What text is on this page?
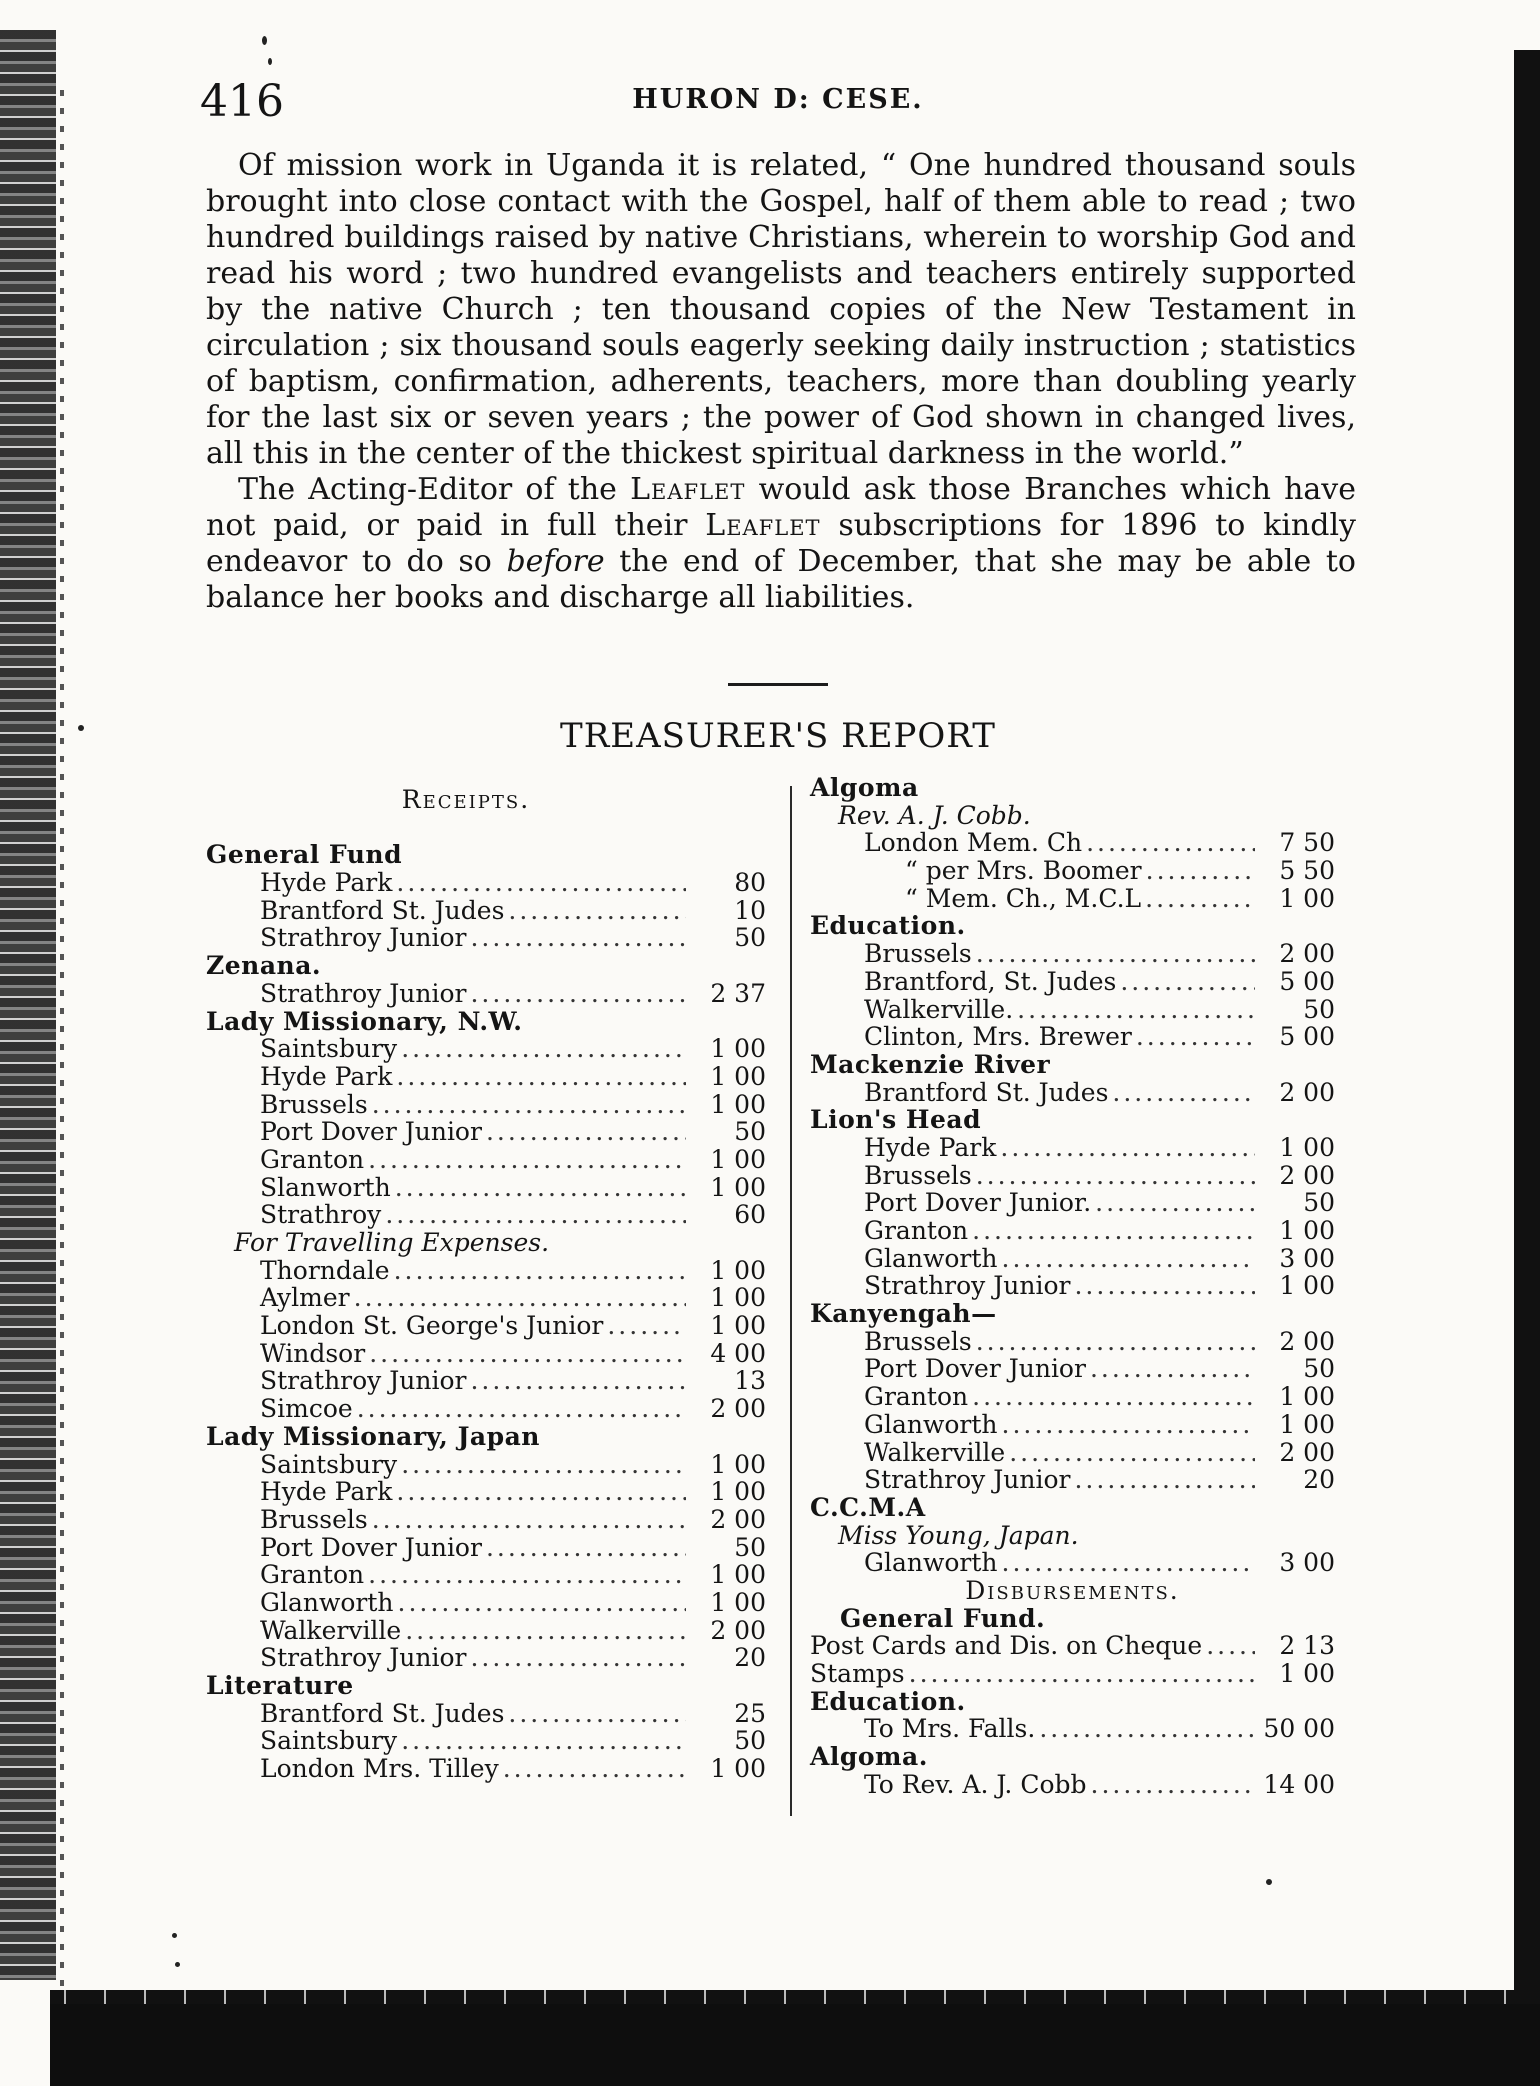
416	HURON D: CESE.

Of mission work in Uganda it is related, “ One hundred thousand souls brought into close contact with the Gospel, half of them able to read ; two hundred buildings raised by native Christians, wherein to worship God and read his word ; two hundred evangelists and teachers entirely supported by the native Church ; ten thousand copies of the New Testament in circulation ; six thousand souls eagerly seeking daily instruction ; statistics of baptism, confirmation, adherents, teachers, more than doubling yearly for the last six or seven years ; the power of God shown in changed lives, all this in the center of the thickest spiritual darkness in the world.”

The Acting-Editor of the Leaflet would ask those Branches which have not paid, or paid in full their Leaflet subscriptions for 1896 to kindly endeavor to do so before the end of December, that she may be able to balance her books and discharge all liabilities.

TREASURER'S REPORT
Receipts.
General Fund
Hyde Park .....	80
Brantford St. Judes .....	10
Strathroy Junior .....	50
Zenana.
Strathroy Junior .....	2 37
Lady Missionary, N.W.
Saintsbury .....	1 00
Hyde Park .....	1 00
Brussels .....	1 00
Port Dover Junior .....	50
Granton .....	1 00
Slanworth .....	1 00
Strathroy .....	60
For Travelling Expenses.
Thorndale .....	1 00
Aylmer .....	1 00
London St. George's Junior .....	1 00
Windsor .....	4 00
Strathroy Junior .....	13
Simcoe .....	2 00
Lady Missionary, Japan
Saintsbury .....	1 00
Hyde Park .....	1 00
Brussels .....	2 00
Port Dover Junior .....	50
Granton .....	1 00
Glanworth .....	1 00
Walkerville .....	2 00
Strathroy Junior .....	20
Literature
Brantford St. Judes .....	25
Saintsbury .....	50
London Mrs. Tilley .....	1 00
Algoma
Rev. A. J. Cobb.
London Mem. Ch .....	7 50
“ per Mrs. Boomer .....	5 50
“ Mem. Ch., M.C.L .....	1 00
Education.
Brussels .....	2 00
Brantford, St. Judes .....	5 00
Walkerville. .....	50
Clinton, Mrs. Brewer .....	5 00
Mackenzie River
Brantford St. Judes .....	2 00
Lion's Head
Hyde Park .....	1 00
Brussels .....	2 00
Port Dover Junior. .....	50
Granton .....	1 00
Glanworth .....	3 00
Strathroy Junior .....	1 00
Kanyengah—
Brussels .....	2 00
Port Dover Junior .....	50
Granton .....	1 00
Glanworth .....	1 00
Walkerville .....	2 00
Strathroy Junior .....	20
C.C.M.A
Miss Young, Japan.
Glanworth .....	3 00
Disbursements.
General Fund.
Post Cards and Dis. on Cheque .....	2 13
Stamps .....	1 00
Education.
To Mrs. Falls. .....	50 00
Algoma.
To Rev. A. J. Cobb .....	14 00
